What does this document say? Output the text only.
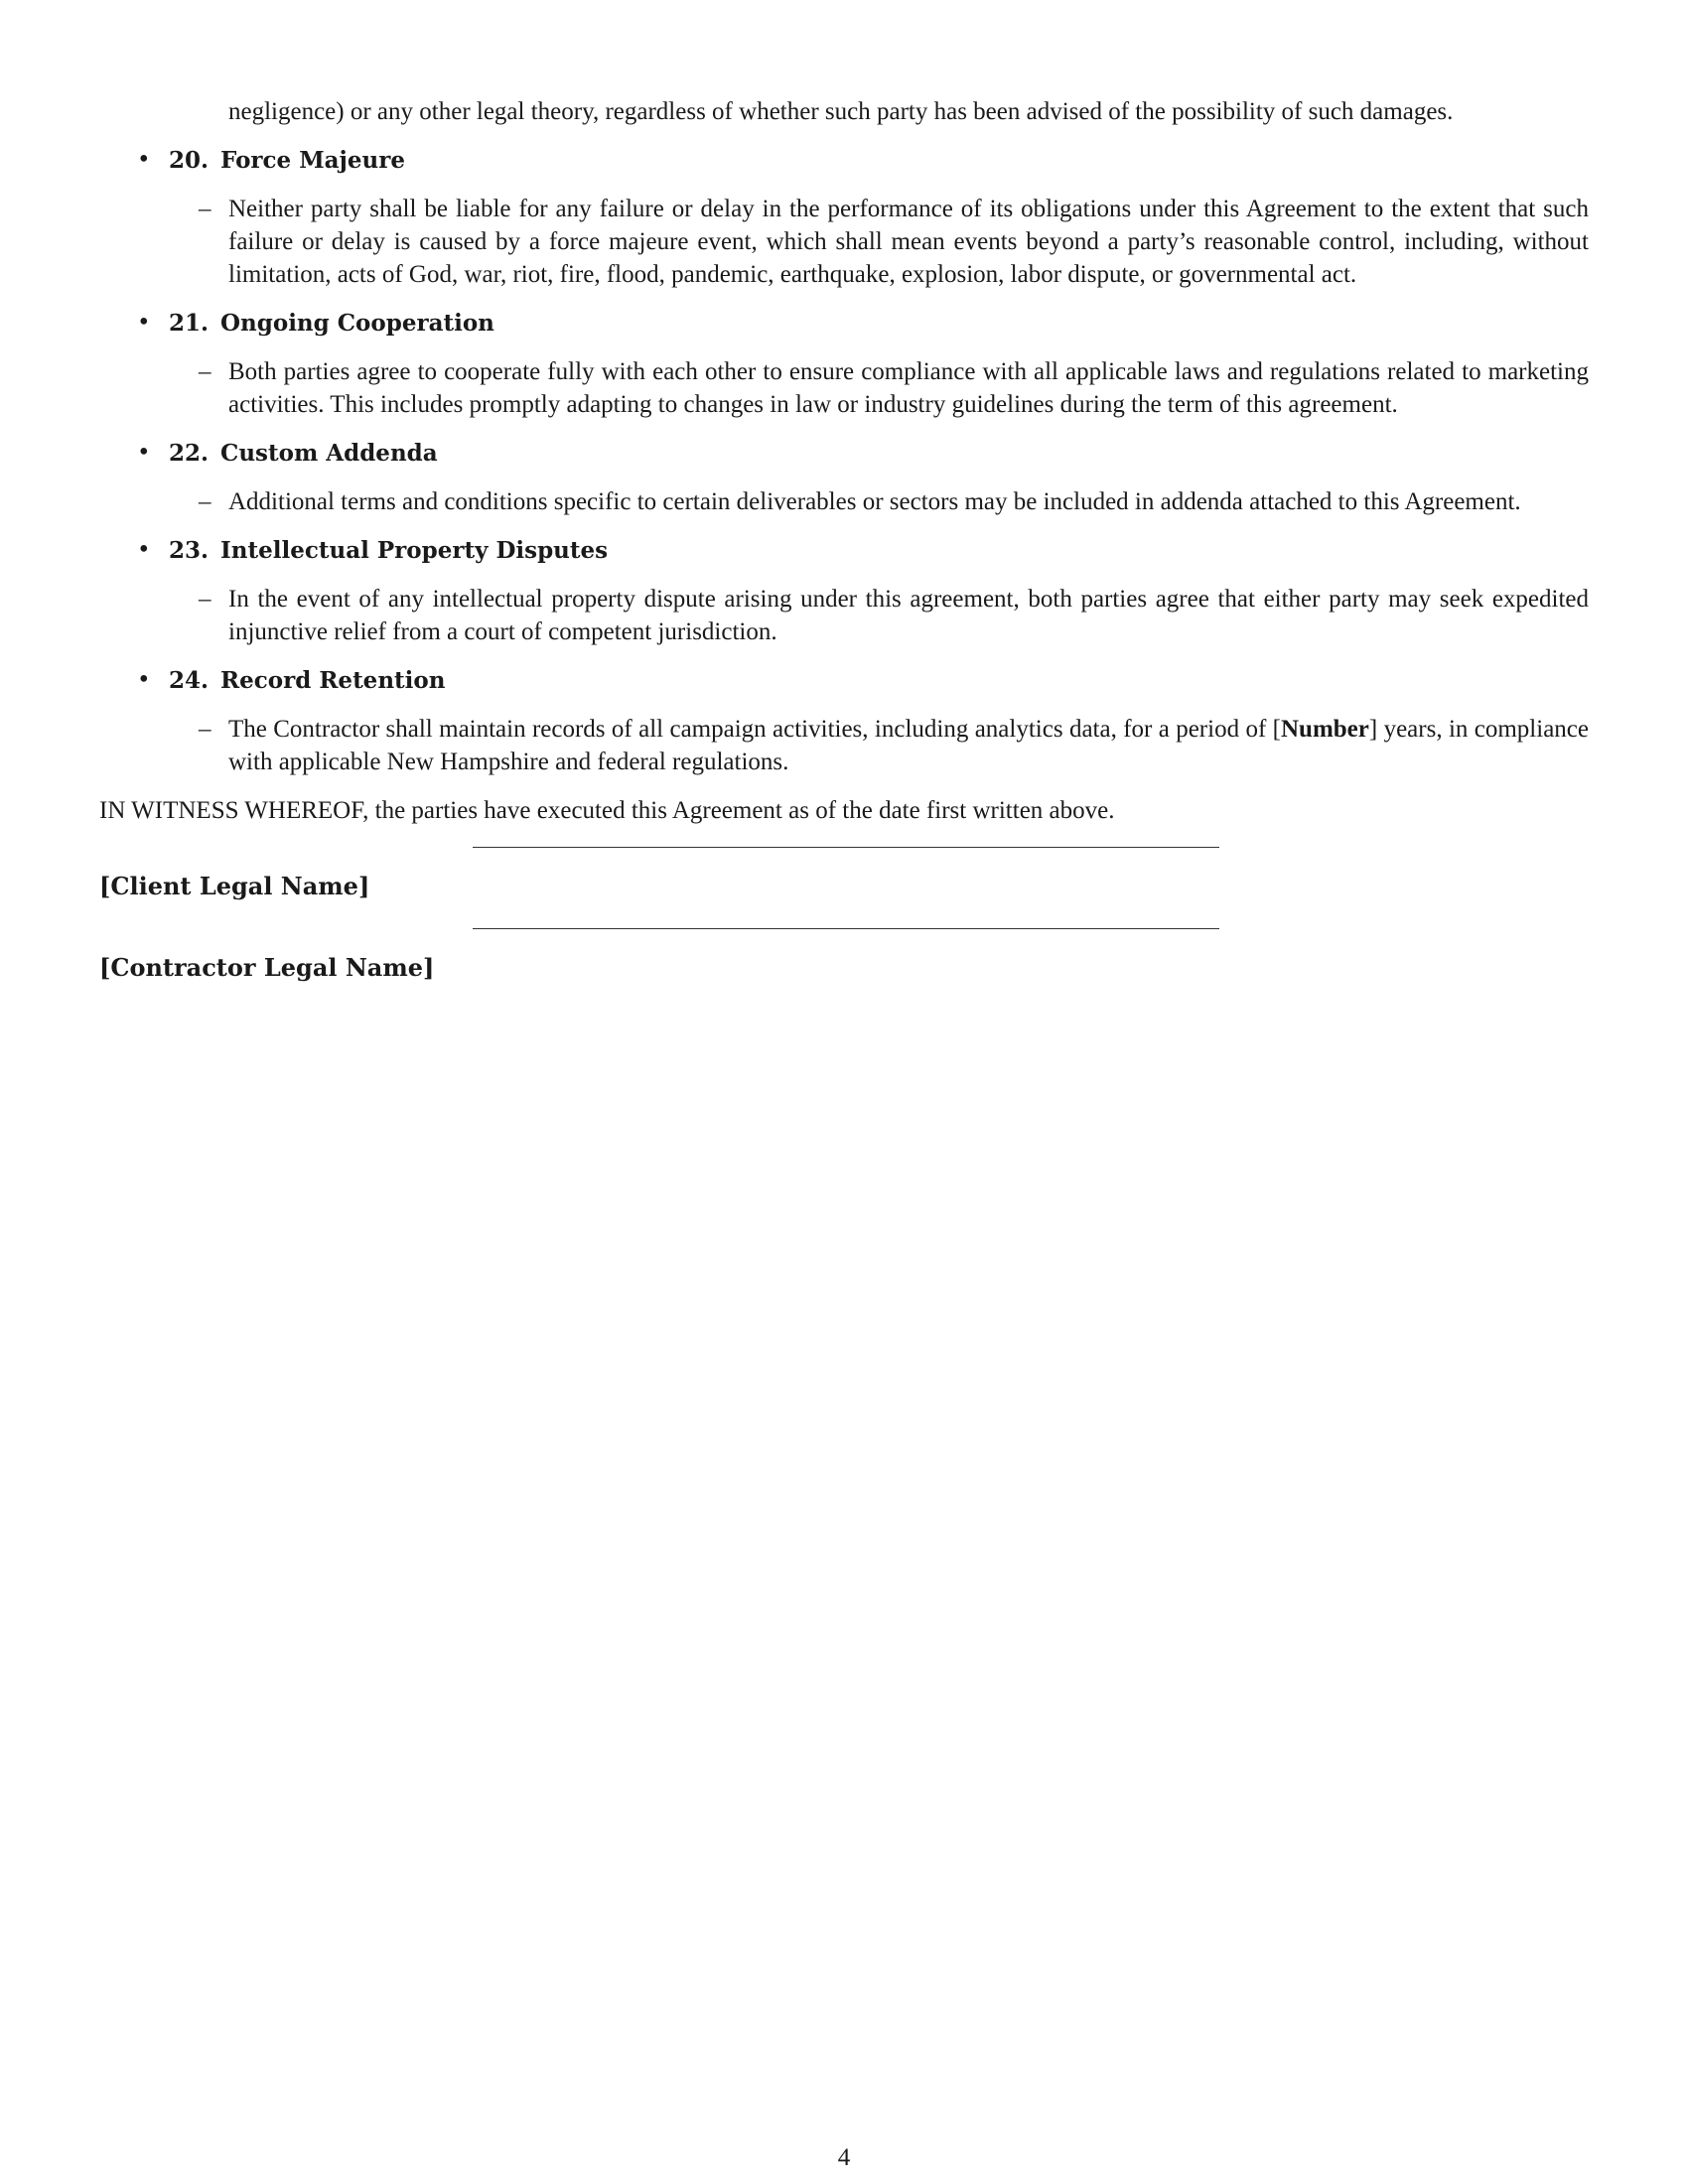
negligence) or any other legal theory, regardless of whether such party has been advised of the possibility of such damages.
• 20. Force Majeure
– Neither party shall be liable for any failure or delay in the performance of its obligations under this Agreement to the extent that such failure or delay is caused by a force majeure event, which shall mean events beyond a party’s reasonable control, including, without limitation, acts of God, war, riot, fire, flood, pandemic, earthquake, explosion, labor dispute, or governmental act.
• 21. Ongoing Cooperation
– Both parties agree to cooperate fully with each other to ensure compliance with all applicable laws and regulations related to marketing activities. This includes promptly adapting to changes in law or industry guidelines during the term of this agreement.
• 22. Custom Addenda
– Additional terms and conditions specific to certain deliverables or sectors may be included in addenda attached to this Agreement.
• 23. Intellectual Property Disputes
– In the event of any intellectual property dispute arising under this agreement, both parties agree that either party may seek expedited injunctive relief from a court of competent jurisdiction.
• 24. Record Retention
– The Contractor shall maintain records of all campaign activities, including analytics data, for a period of [Number] years, in compliance with applicable New Hampshire and federal regulations.
IN WITNESS WHEREOF, the parties have executed this Agreement as of the date first written above.
[Client Legal Name]
[Contractor Legal Name]
4
